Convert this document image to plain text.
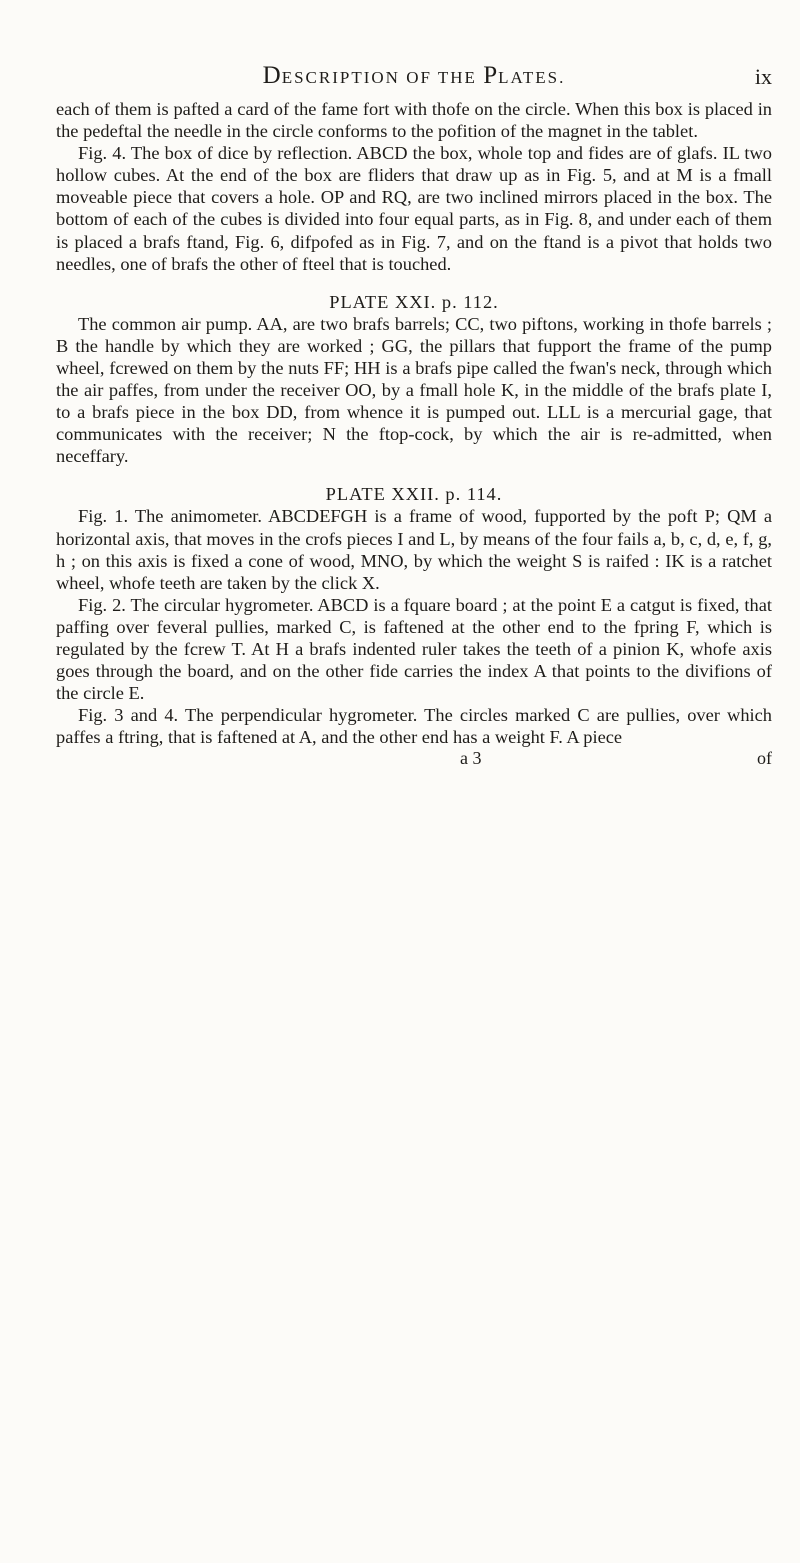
DESCRIPTION OF THE PLATES.	ix

each of them is pafted a card of the fame fort with thofe on the circle. When this box is placed in the pedeftal the needle in the circle conforms to the pofition of the magnet in the tablet.

Fig. 4. The box of dice by reflection. ABCD the box, whole top and fides are of glafs. IL two hollow cubes. At the end of the box are fliders that draw up as in Fig. 5, and at M is a fmall moveable piece that covers a hole. OP and RQ, are two inclined mirrors placed in the box. The bottom of each of the cubes is divided into four equal parts, as in Fig. 8, and under each of them is placed a brafs ftand, Fig. 6, difpofed as in Fig. 7, and on the ftand is a pivot that holds two needles, one of brafs the other of fteel that is touched.

PLATE XXI. p. 112.

The common air pump. AA, are two brafs barrels; CC, two piftons, working in thofe barrels ; B the handle by which they are worked ; GG, the pillars that fupport the frame of the pump wheel, fcrewed on them by the nuts FF; HH is a brafs pipe called the fwan's neck, through which the air paffes, from under the receiver OO, by a fmall hole K, in the middle of the brafs plate I, to a brafs piece in the box DD, from whence it is pumped out. LLL is a mercurial gage, that communicates with the receiver; N the ftop-cock, by which the air is re-admitted, when neceffary.

PLATE XXII. p. 114.

Fig. 1. The animometer. ABCDEFGH is a frame of wood, fupported by the poft P; QM a horizontal axis, that moves in the crofs pieces I and L, by means of the four fails a, b, c, d, e, f, g, h ; on this axis is fixed a cone of wood, MNO, by which the weight S is raifed : IK is a ratchet wheel, whofe teeth are taken by the click X.

Fig. 2. The circular hygrometer. ABCD is a fquare board ; at the point E a catgut is fixed, that paffing over feveral pullies, marked C, is faftened at the other end to the fpring F, which is regulated by the fcrew T. At H a brafs indented ruler takes the teeth of a pinion K, whofe axis goes through the board, and on the other fide carries the index A that points to the divifions of the circle E.

Fig. 3 and 4. The perpendicular hygrometer. The circles marked C are pullies, over which paffes a ftring, that is faftened at A, and the other end has a weight F. A piece

a 3	of
